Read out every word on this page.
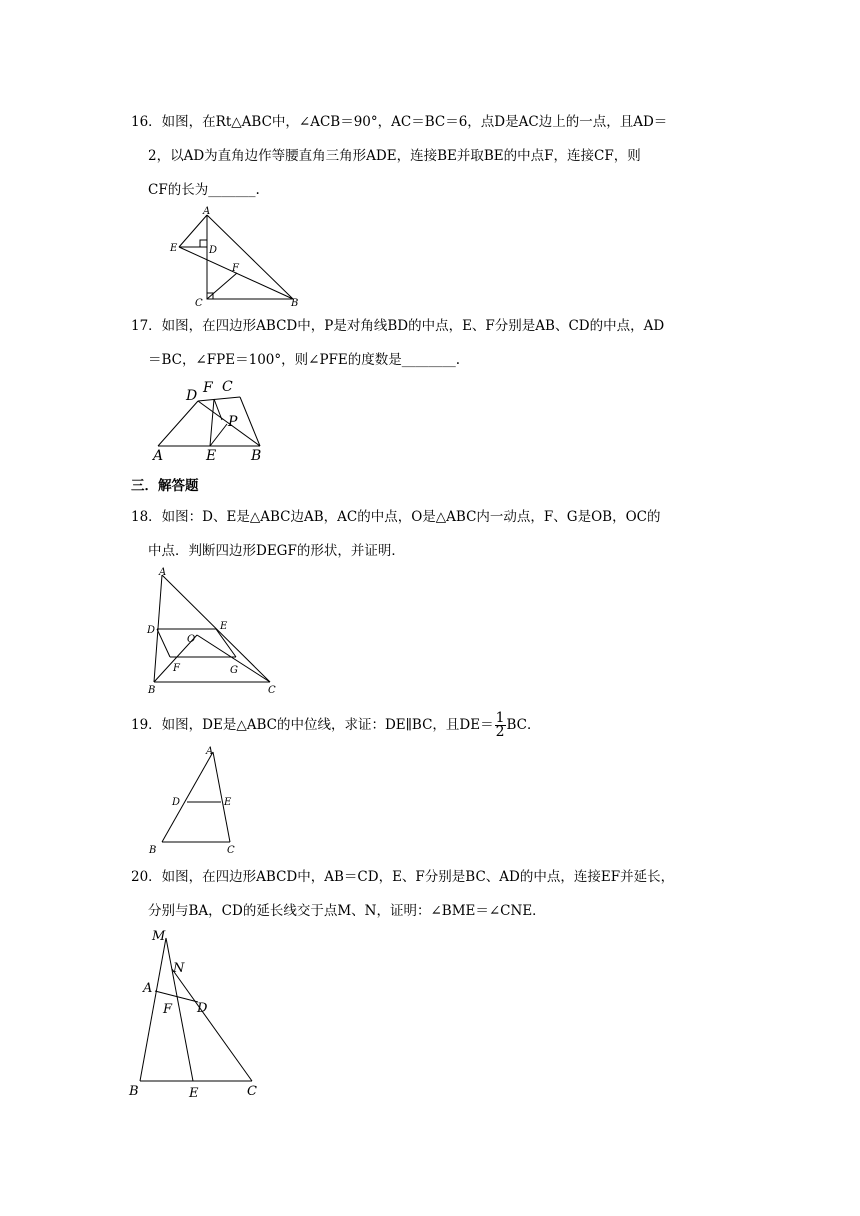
16．如图，在Rt△ABC中，∠ACB＝90°，AC＝BC＝6，点D是AC边上的一点，且AD＝
2，以AD为直角边作等腰直角三角形ADE，连接BE并取BE的中点F，连接CF，则
CF的长为_______.
A
D
E
F
C	B
17．如图，在四边形ABCD中，P是对角线BD的中点，E、F分别是AB、CD的中点，AD
＝BC，∠FPE＝100°，则∠PFE的度数是________.
D F C
P
A	E B
三．解答题
18．如图：D、E是△ABC边AB，AC的中点，O是△ABC内一动点，F、G是OB，OC的
中点．判断四边形DEGF的形状，并证明．
A
D	E
O
F	G
B	C
19．如图，DE是△ABC的中位线，求证：DE∥BC，且$DE= \frac{1}{2}$ BC．
A
D	E
B	C
20．如图，在四边形ABCD中，AB＝CD，E、F分别是BC、AD的中点，连接EF并延长，
分别与BA，CD的延长线交于点M、N，证明：∠BME＝∠CNE．
M
N
A
D
F
B	E	C
